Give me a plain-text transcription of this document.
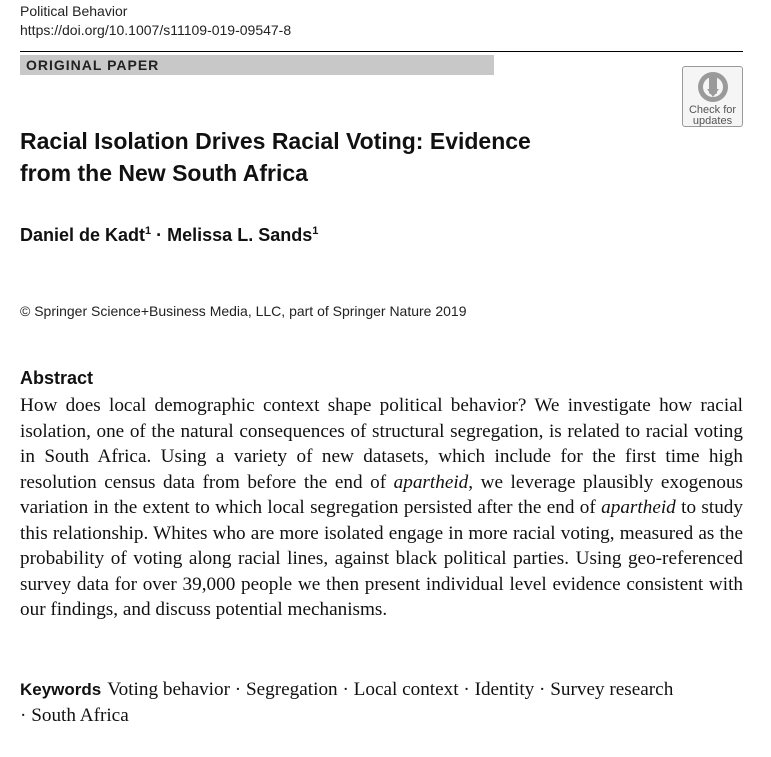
Political Behavior
https://doi.org/10.1007/s11109-019-09547-8
ORIGINAL PAPER
Check for
updates
Racial Isolation Drives Racial Voting: Evidence from the New South Africa
Daniel de Kadt$^1$ · Melissa L. Sands$^1$
© Springer Science+Business Media, LLC, part of Springer Nature 2019
Abstract
How does local demographic context shape political behavior? We investigate how racial isolation, one of the natural consequences of structural segregation, is related to racial voting in South Africa. Using a variety of new datasets, which include for the first time high resolution census data from before the end of apartheid, we leverage plausibly exogenous variation in the extent to which local segregation persisted after the end of apartheid to study this relationship. Whites who are more isolated engage in more racial voting, measured as the probability of voting along racial lines, against black political parties. Using geo-referenced survey data for over 39,000 people we then present individual level evidence consistent with our findings, and discuss potential mechanisms.
Keywords Voting behavior · Segregation · Local context · Identity · Survey research · South Africa
